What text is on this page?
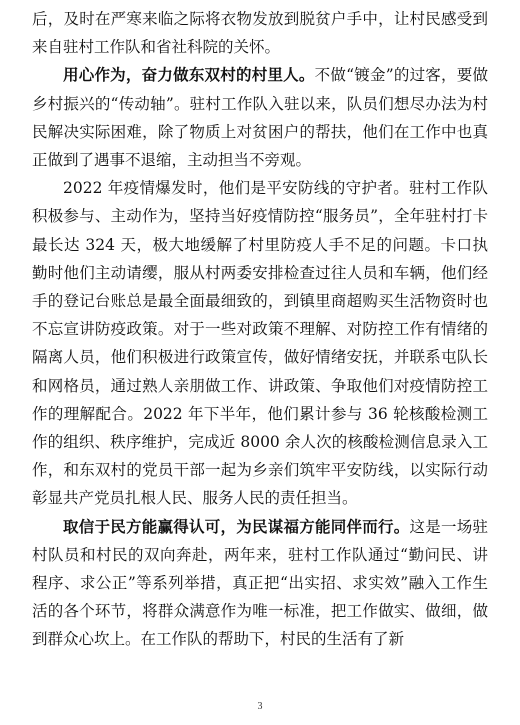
后，及时在严寒来临之际将衣物发放到脱贫户手中，让村民感受到来自驻村工作队和省社科院的关怀。

用心作为，奋力做东双村的村里人。不做“镀金”的过客，要做乡村振兴的“传动轴”。驻村工作队入驻以来，队员们想尽办法为村民解决实际困难，除了物质上对贫困户的帮扶，他们在工作中也真正做到了遇事不退缩，主动担当不旁观。

2022 年疫情爆发时，他们是平安防线的守护者。驻村工作队积极参与、主动作为，坚持当好疫情防控“服务员”，全年驻村打卡最长达 324 天，极大地缓解了村里防疫人手不足的问题。卡口执勤时他们主动请缨，服从村两委安排检查过往人员和车辆，他们经手的登记台账总是最全面最细致的，到镇里商超购买生活物资时也不忘宣讲防疫政策。对于一些对政策不理解、对防控工作有情绪的隔离人员，他们积极进行政策宣传，做好情绪安抚，并联系屯队长和网格员，通过熟人亲朋做工作、讲政策、争取他们对疫情防控工作的理解配合。2022 年下半年，他们累计参与 36 轮核酸检测工作的组织、秩序维护，完成近 8000 余人次的核酸检测信息录入工作，和东双村的党员干部一起为乡亲们筑牢平安防线，以实际行动彰显共产党员扎根人民、服务人民的责任担当。

取信于民方能赢得认可，为民谋福方能同伴而行。这是一场驻村队员和村民的双向奔赴，两年来，驻村工作队通过“勤问民、讲程序、求公正”等系列举措，真正把“出实招、求实效”融入工作生活的各个环节，将群众满意作为唯一标准，把工作做实、做细，做到群众心坎上。在工作队的帮助下，村民的生活有了新

3
